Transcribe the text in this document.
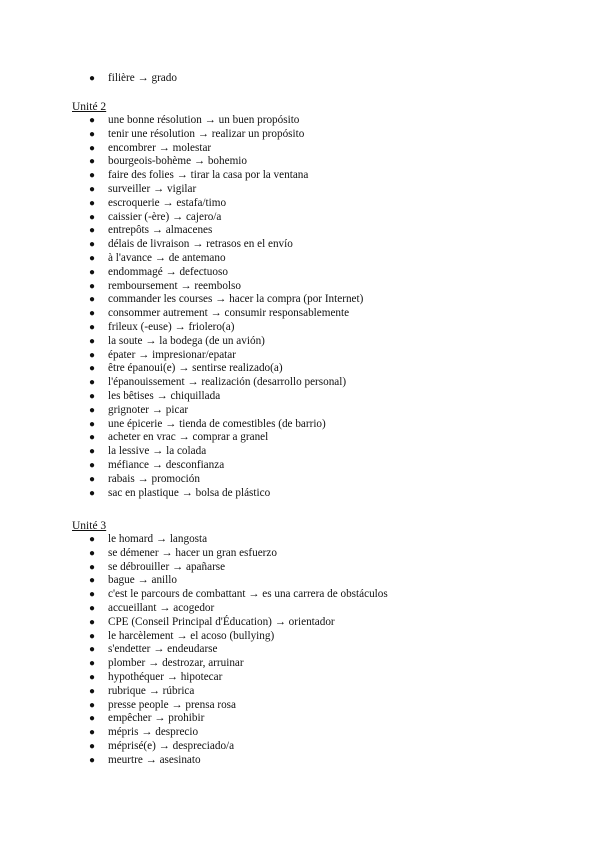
● filière → grado
Unité 2
● une bonne résolution → un buen propósito
● tenir une résolution → realizar un propósito
● encombrer → molestar
● bourgeois-bohème → bohemio
● faire des folies → tirar la casa por la ventana
● surveiller → vigilar
● escroquerie → estafa/timo
● caissier (-ère) → cajero/a
● entrepôts → almacenes
● délais de livraison → retrasos en el envío
● à l'avance → de antemano
● endommagé → defectuoso
● remboursement → reembolso
● commander les courses → hacer la compra (por Internet)
● consommer autrement → consumir responsablemente
● frileux (-euse) → friolero(a)
● la soute → la bodega (de un avión)
● épater → impresionar/epatar
● être épanoui(e) → sentirse realizado(a)
● l'épanouissement → realización (desarrollo personal)
● les bêtises → chiquillada
● grignoter → picar
● une épicerie → tienda de comestibles (de barrio)
● acheter en vrac → comprar a granel
● la lessive → la colada
● méfiance → desconfianza
● rabais → promoción
● sac en plastique → bolsa de plástico
Unité 3
● le homard → langosta
● se démener → hacer un gran esfuerzo
● se débrouiller → apañarse
● bague → anillo
● c'est le parcours de combattant → es una carrera de obstáculos
● accueillant → acogedor
● CPE (Conseil Principal d'Éducation) → orientador
● le harcèlement → el acoso (bullying)
● s'endetter → endeudarse
● plomber → destrozar, arruinar
● hypothéquer → hipotecar
● rubrique → rúbrica
● presse people → prensa rosa
● empêcher → prohibir
● mépris → desprecio
● méprisé(e) → despreciado/a
● meurtre → asesinato
